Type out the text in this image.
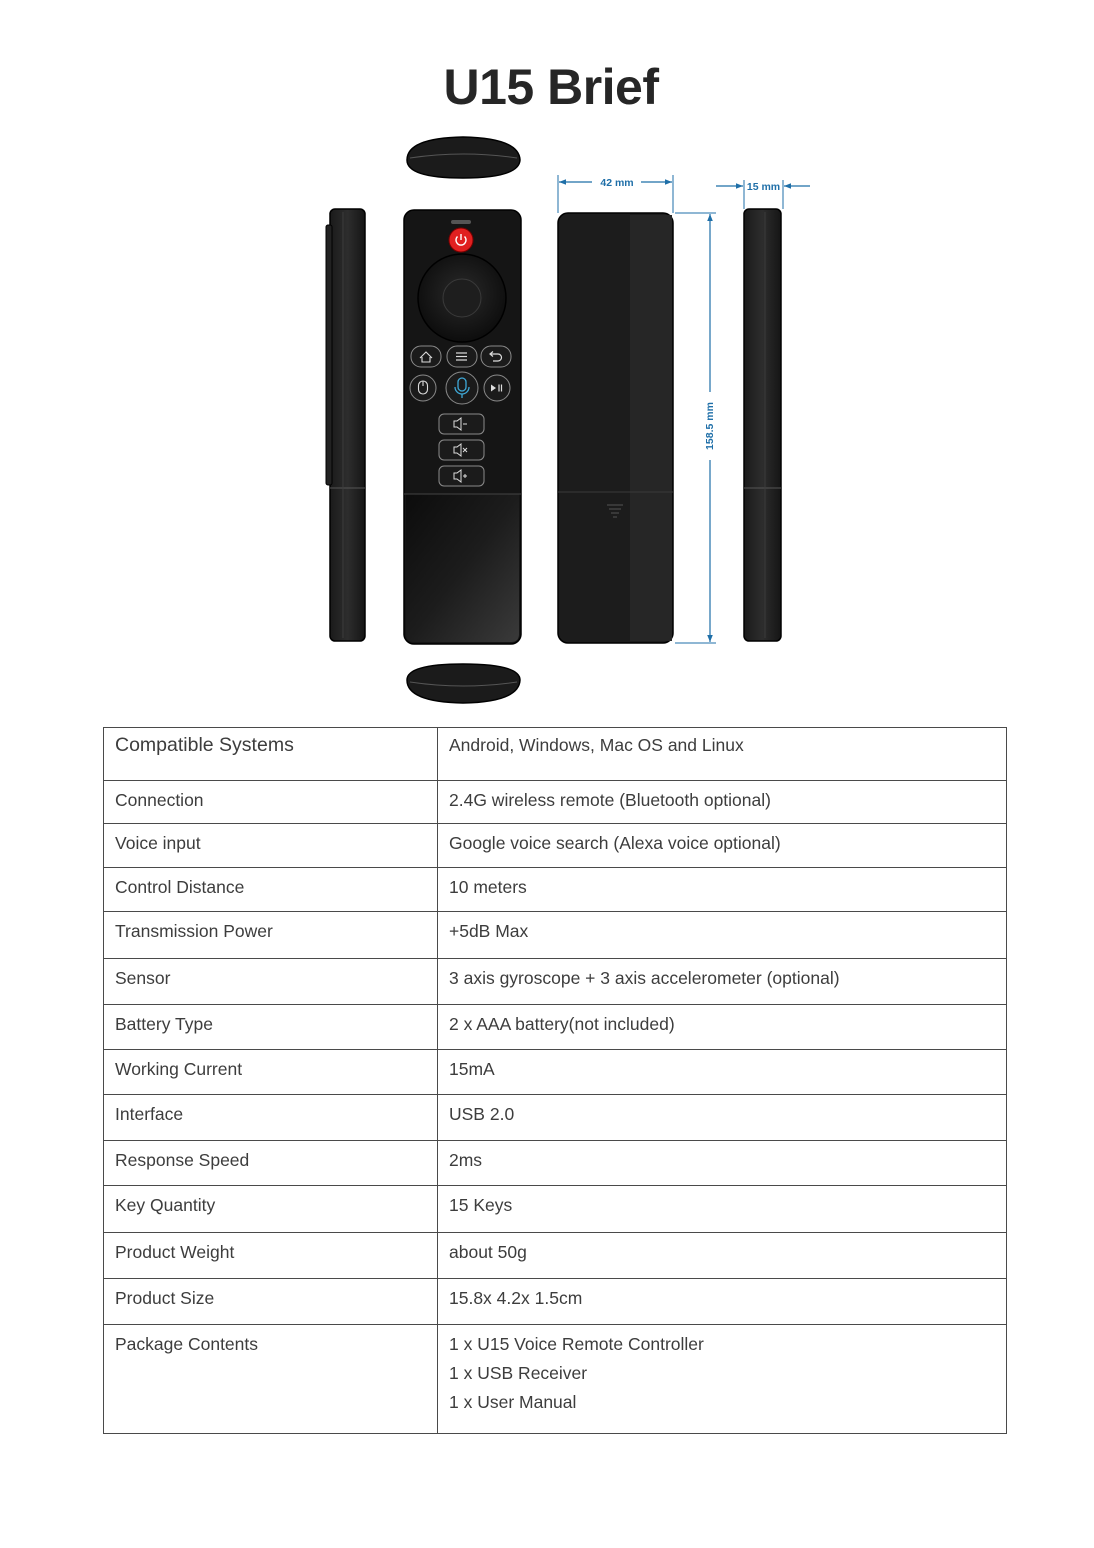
U15 Brief
42 mm	15 mm
158.5 mm
Compatible Systems	Android, Windows, Mac OS and Linux
Connection	2.4G wireless remote (Bluetooth optional)
Voice input	Google voice search (Alexa voice optional)
Control Distance	10 meters
Transmission Power	+5dB Max
Sensor	3 axis gyroscope + 3 axis accelerometer (optional)
Battery Type	2 x AAA battery(not included)
Working Current	15mA
Interface	USB 2.0
Response Speed	2ms
Key Quantity	15 Keys
Product Weight	about 50g
Product Size	15.8x 4.2x 1.5cm
Package Contents	1 x U15 Voice Remote Controller
1 x USB Receiver
1 x User Manual
